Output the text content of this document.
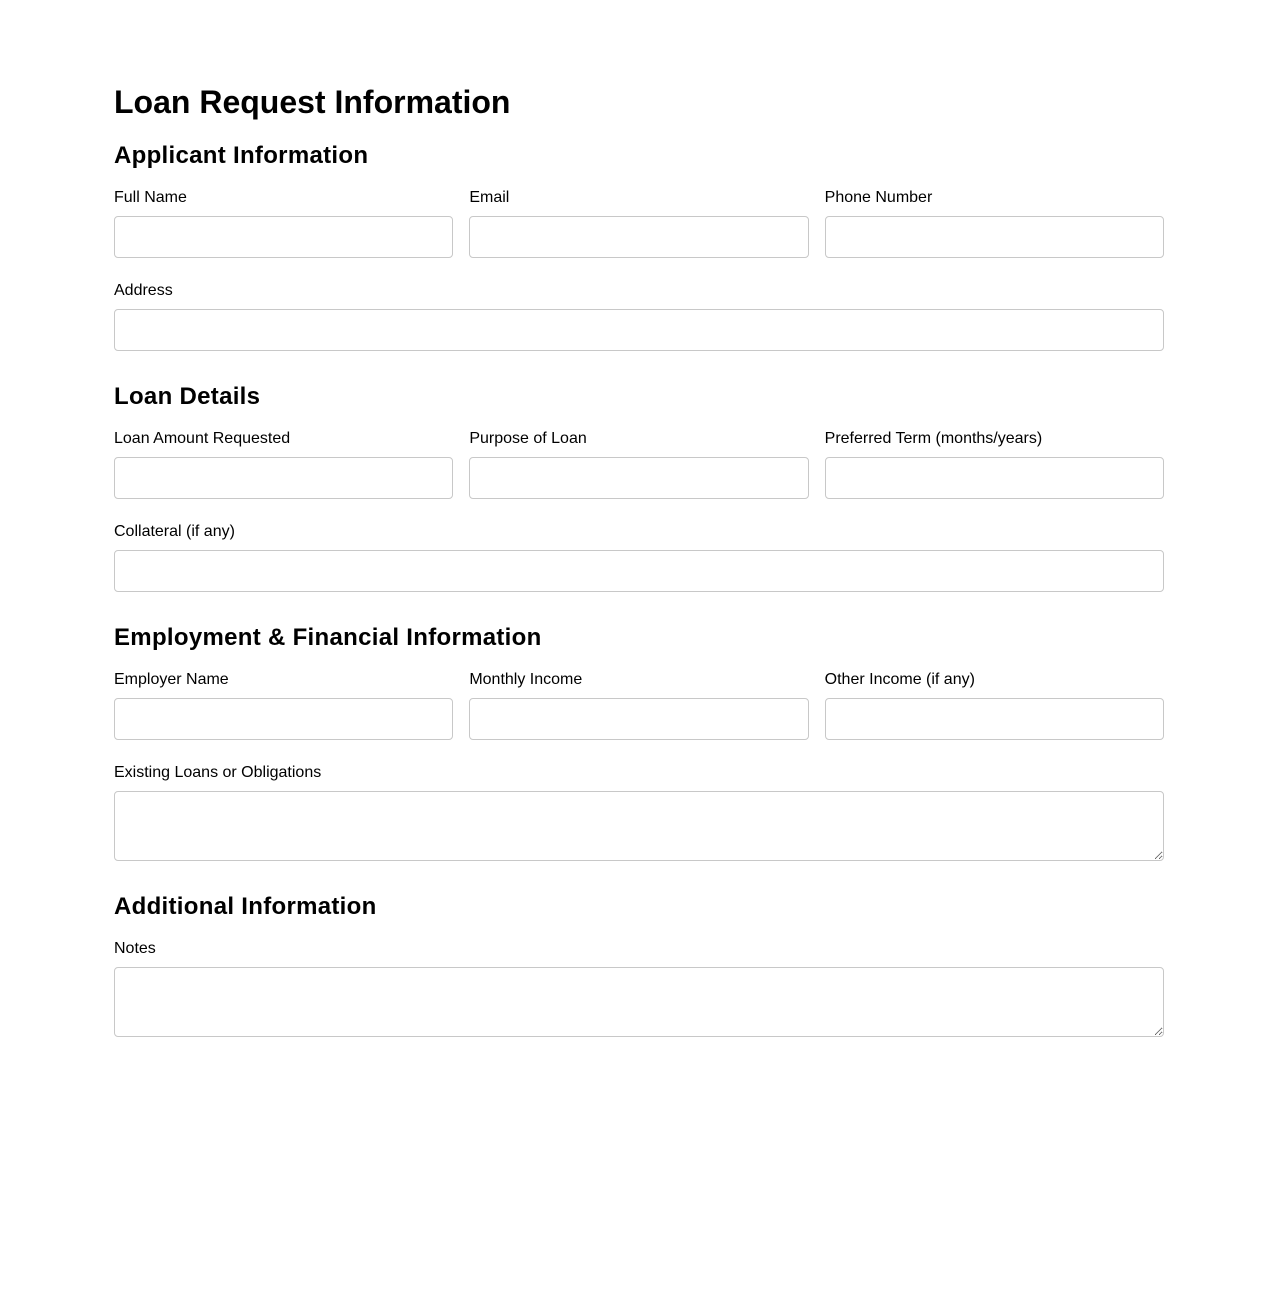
Loan Request Information
Applicant Information
Full Name	Email	Phone Number
Address
Loan Details
Loan Amount Requested	Purpose of Loan	Preferred Term (months/years)
Collateral (if any)
Employment & Financial Information
Employer Name	Monthly Income	Other Income (if any)
Existing Loans or Obligations
Additional Information
Notes
